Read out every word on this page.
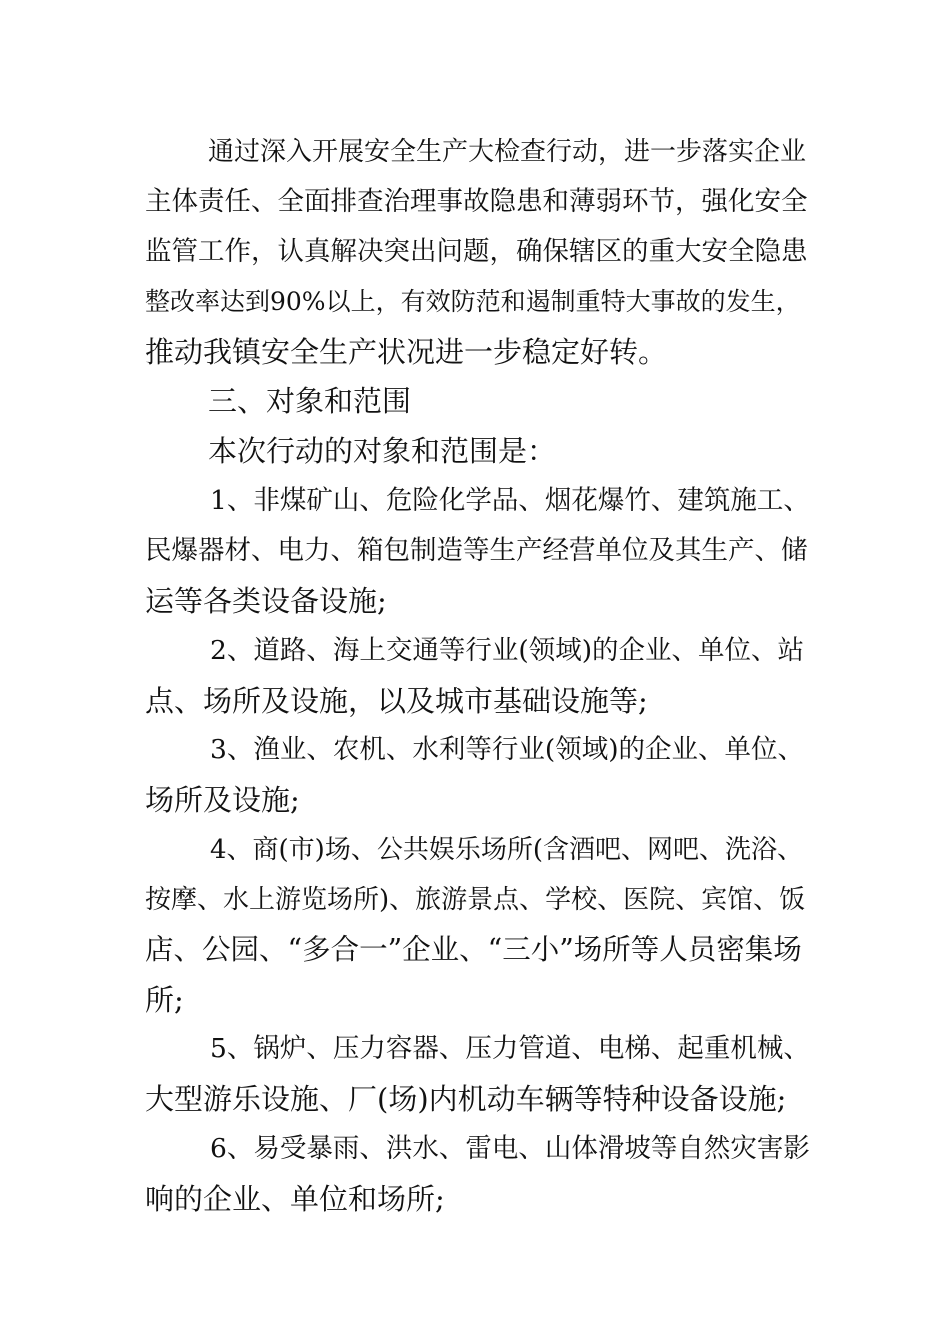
通过深入开展安全生产大检查行动，进一步落实企业
主体责任、全面排查治理事故隐患和薄弱环节，强化安全
监管工作，认真解决突出问题，确保辖区的重大安全隐患
整改率达到90%以上，有效防范和遏制重特大事故的发生，
推动我镇安全生产状况进一步稳定好转。
三、对象和范围
本次行动的对象和范围是：
1、非煤矿山、危险化学品、烟花爆竹、建筑施工、
民爆器材、电力、箱包制造等生产经营单位及其生产、储
运等各类设备设施;
2、道路、海上交通等行业(领域)的企业、单位、站
点、场所及设施，以及城市基础设施等;
3、渔业、农机、水利等行业(领域)的企业、单位、
场所及设施;
4、商(市)场、公共娱乐场所(含酒吧、网吧、洗浴、
按摩、水上游览场所)、旅游景点、学校、医院、宾馆、饭
店、公园、“多合一”企业、“三小”场所等人员密集场
所;
5、锅炉、压力容器、压力管道、电梯、起重机械、
大型游乐设施、厂(场)内机动车辆等特种设备设施;
6、易受暴雨、洪水、雷电、山体滑坡等自然灾害影
响的企业、单位和场所;
